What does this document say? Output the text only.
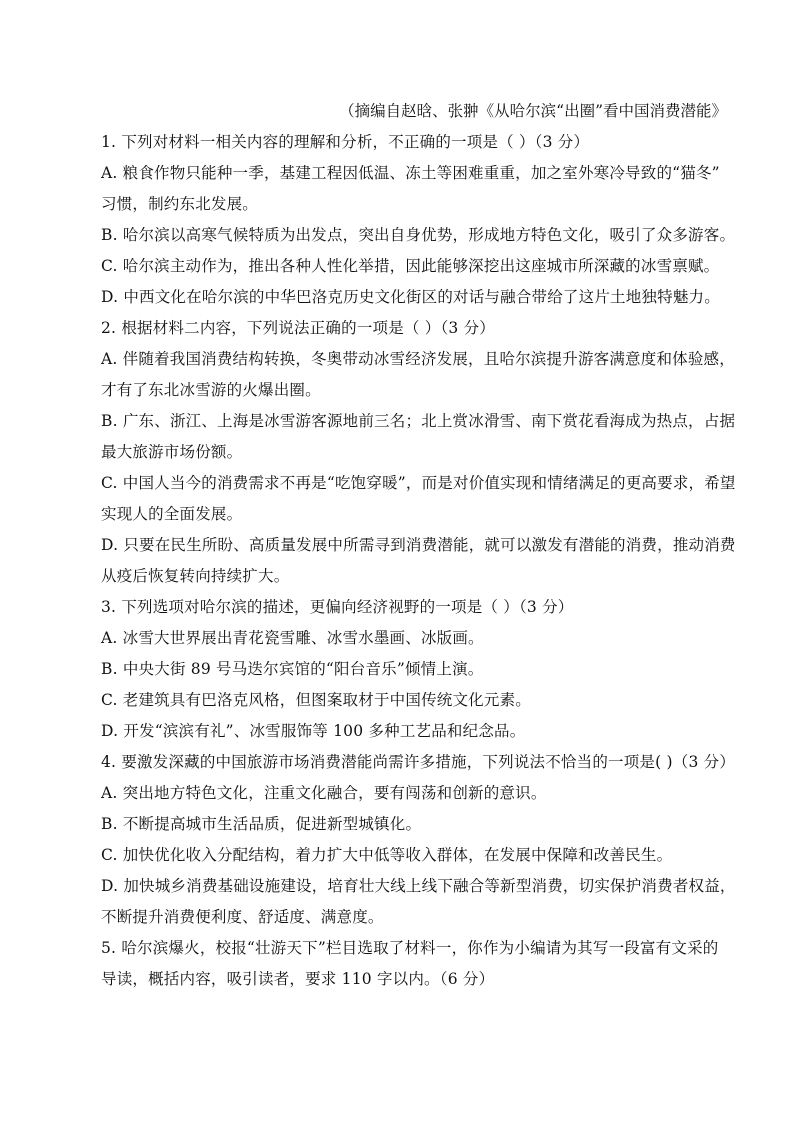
（摘编自赵晗、张翀《从哈尔滨“出圈”看中国消费潜能》
1. 下列对材料一相关内容的理解和分析，不正确的一项是（ ）（3 分）
A. 粮食作物只能种一季，基建工程因低温、冻土等困难重重，加之室外寒冷导致的“猫冬”
习惯，制约东北发展。
B. 哈尔滨以高寒气候特质为出发点，突出自身优势，形成地方特色文化，吸引了众多游客。
C. 哈尔滨主动作为，推出各种人性化举措，因此能够深挖出这座城市所深藏的冰雪禀赋。
D. 中西文化在哈尔滨的中华巴洛克历史文化街区的对话与融合带给了这片土地独特魅力。
2. 根据材料二内容，下列说法正确的一项是（ ）（3 分）
A. 伴随着我国消费结构转换，冬奥带动冰雪经济发展，且哈尔滨提升游客满意度和体验感，
才有了东北冰雪游的火爆出圈。
B. 广东、浙江、上海是冰雪游客源地前三名；北上赏冰滑雪、南下赏花看海成为热点，占据
最大旅游市场份额。
C. 中国人当今的消费需求不再是“吃饱穿暖”，而是对价值实现和情绪满足的更高要求，希望
实现人的全面发展。
D. 只要在民生所盼、高质量发展中所需寻到消费潜能，就可以激发有潜能的消费，推动消费
从疫后恢复转向持续扩大。
3. 下列选项对哈尔滨的描述，更偏向经济视野的一项是（ ）（3 分）
A. 冰雪大世界展出青花瓷雪雕、冰雪水墨画、冰版画。
B. 中央大街 89 号马迭尔宾馆的“阳台音乐”倾情上演。
C. 老建筑具有巴洛克风格，但图案取材于中国传统文化元素。
D. 开发“滨滨有礼”、冰雪服饰等 100 多种工艺品和纪念品。
4. 要激发深藏的中国旅游市场消费潜能尚需许多措施，下列说法不恰当的一项是( )（3 分）
A. 突出地方特色文化，注重文化融合，要有闯荡和创新的意识。
B. 不断提高城市生活品质，促进新型城镇化。
C. 加快优化收入分配结构，着力扩大中低等收入群体，在发展中保障和改善民生。
D. 加快城乡消费基础设施建设，培育壮大线上线下融合等新型消费，切实保护消费者权益，
不断提升消费便利度、舒适度、满意度。
5. 哈尔滨爆火，校报“壮游天下”栏目选取了材料一，你作为小编请为其写一段富有文采的
导读，概括内容，吸引读者，要求 110 字以内。（6 分）
